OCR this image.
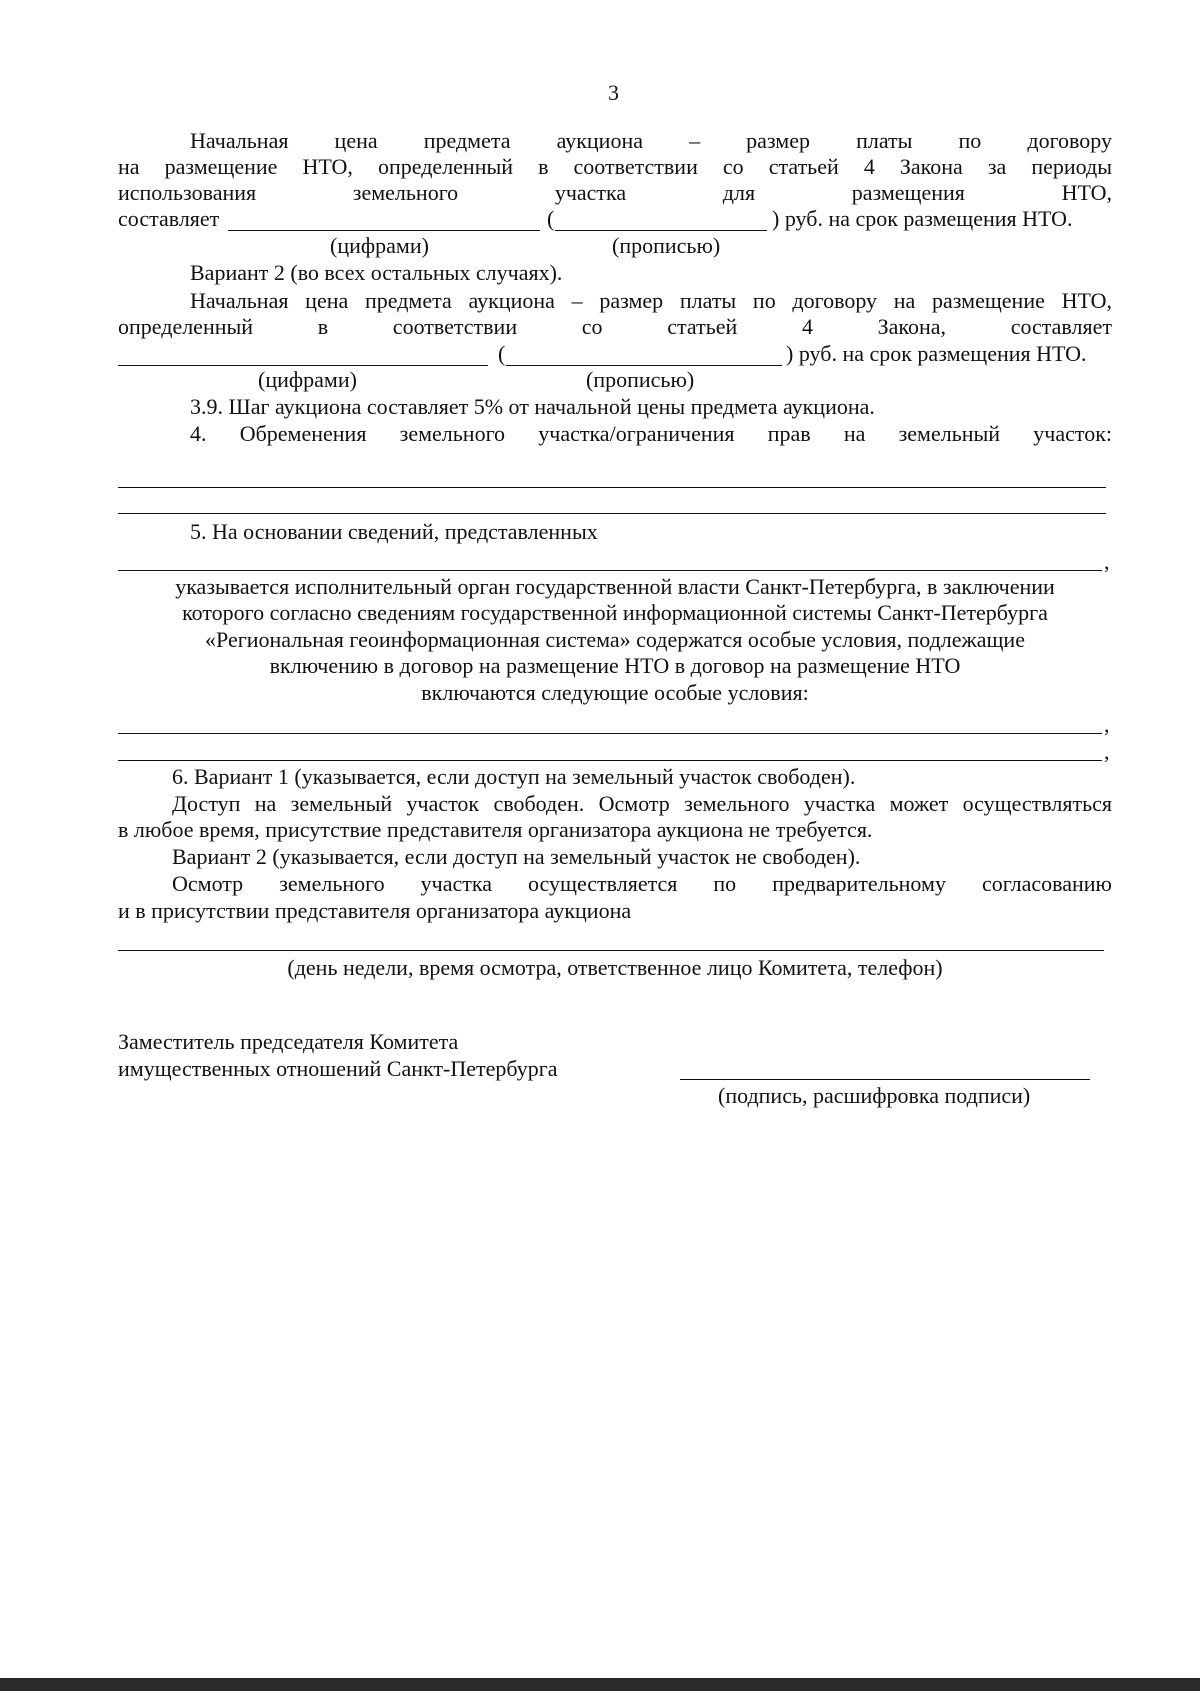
3
Начальная цена предмета аукциона – размер платы по договору
на размещение НТО, определенный в соответствии со статьей 4 Закона за периоды
использования земельного участка для размещения НТО,
составляет	(	) руб. на срок размещения НТО.
(цифрами)	(прописью)
Вариант 2 (во всех остальных случаях).
Начальная цена предмета аукциона – размер платы по договору на размещение НТО,
определенный в соответствии со статьей 4 Закона, составляет
(	) руб. на срок размещения НТО.
(цифрами)	(прописью)
3.9. Шаг аукциона составляет 5% от начальной цены предмета аукциона.
4. Обременения земельного участка/ограничения прав на земельный участок:
5. На основании сведений, представленных
,
указывается исполнительный орган государственной власти Санкт-Петербурга, в заключении
которого согласно сведениям государственной информационной системы Санкт-Петербурга
«Региональная геоинформационная система» содержатся особые условия, подлежащие
включению в договор на размещение НТО в договор на размещение НТО
включаются следующие особые условия:
,
,
6. Вариант 1 (указывается, если доступ на земельный участок свободен).
Доступ на земельный участок свободен. Осмотр земельного участка может осуществляться
в любое время, присутствие представителя организатора аукциона не требуется.
Вариант 2 (указывается, если доступ на земельный участок не свободен).
Осмотр земельного участка осуществляется по предварительному согласованию
и в присутствии представителя организатора аукциона
(день недели, время осмотра, ответственное лицо Комитета, телефон)
Заместитель председателя Комитета
имущественных отношений Санкт-Петербурга
(подпись, расшифровка подписи)
